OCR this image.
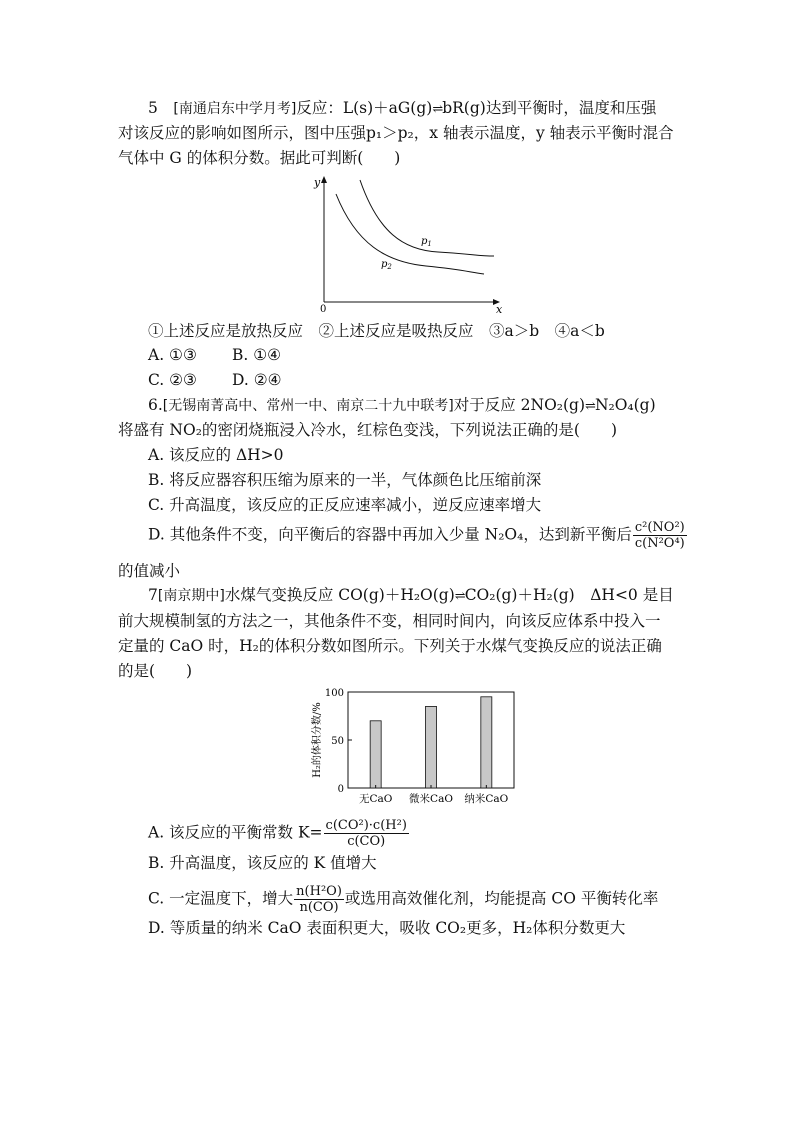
5　 [南通启东中学月考]反应：L(s)＋aG(g)⇌bR(g)达到平衡时，温度和压强
对该反应的影响如图所示，图中压强p₁＞p₂，x 轴表示温度，y 轴表示平衡时混合
气体中 G 的体积分数。据此可判断(　　)
y
x
0
$p_1$
$p_2$
①上述反应是放热反应　②上述反应是吸热反应　③a＞b　④a＜b
A. ①③ B. ①④
C. ②③ D. ②④
6.[无锡南菁高中、常州一中、南京二十九中联考]对于反应 2NO₂(g)⇌N₂O₄(g)
将盛有 NO₂的密闭烧瓶浸入冷水，红棕色变浅，下列说法正确的是(　　)
A. 该反应的 ΔH>0
B. 将反应器容积压缩为原来的一半，气体颜色比压缩前深
C. 升高温度，该反应的正反应速率减小，逆反应速率增大
D. 其他条件不变，向平衡后的容器中再加入少量 N₂O₄，达到新平衡后 $\frac{\text{c²(NO²)}}{\text{c(N²O⁴)}}$
的值减小
7[南京期中]水煤气变换反应 CO(g)＋H₂O(g)⇌CO₂(g)＋H₂(g)　ΔH<0 是目
前大规模制氢的方法之一，其他条件不变，相同时间内，向该反应体系中投入一
定量的 CaO 时，H₂的体积分数如图所示。下列关于水煤气变换反应的说法正确
的是(　　)
0
50
100
无CaO 微米CaO 纳米CaO
H₂的体积分数/%
A. 该反应的平衡常数 $K= \frac{\text{c(CO²)·c(H²)}}{c(CO)}$
B. 升高温度，该反应的 K 值增大
C. 一定温度下，增大 $\frac{\text{n(H²O)}}{n(CO)}$ 或选用高效催化剂，均能提高 CO 平衡转化率
D. 等质量的纳米 CaO 表面积更大，吸收 CO₂更多，H₂体积分数更大
